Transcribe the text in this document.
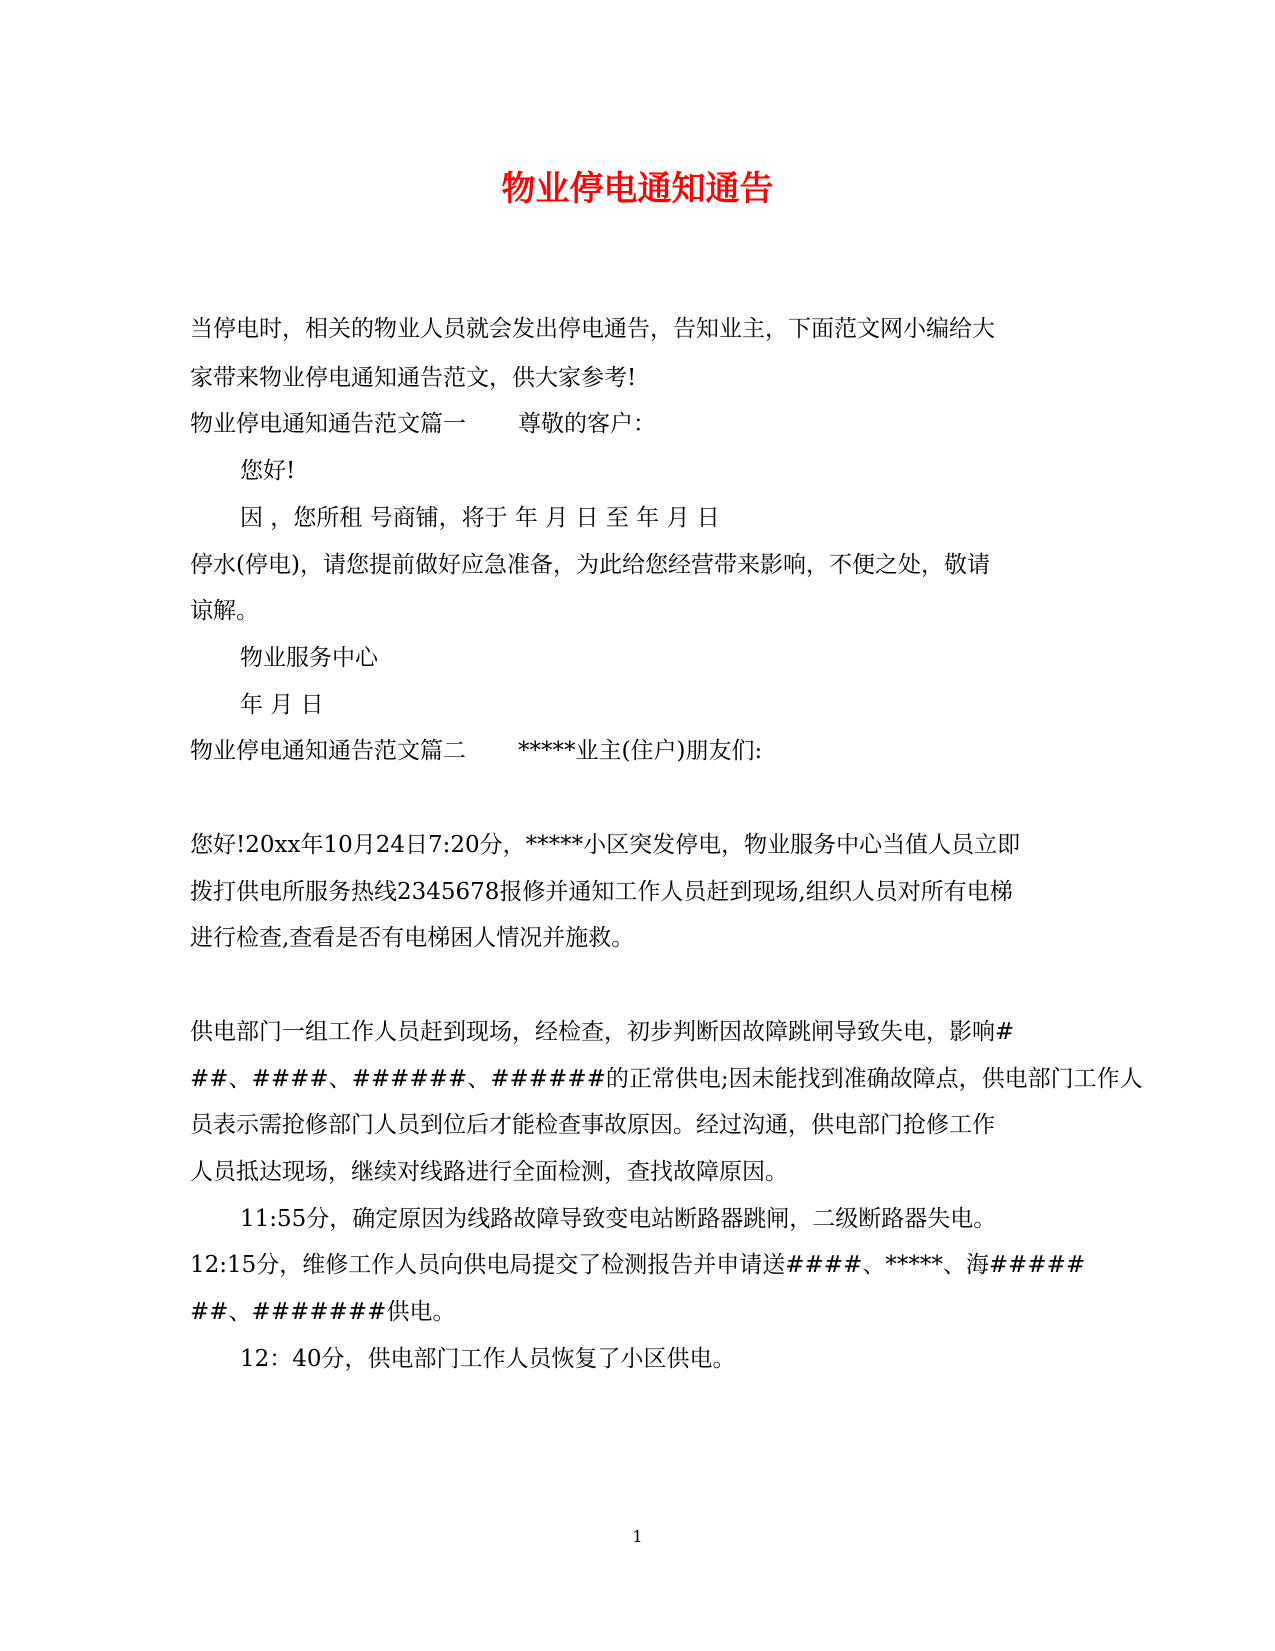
物业停电通知通告
当停电时，相关的物业人员就会发出停电通告，告知业主，下面范文网小编给大
家带来物业停电通知通告范文，供大家参考!
物业停电通知通告范文篇一 尊敬的客户：
您好!
因 ，您所租 号商铺，将于 年 月 日 至 年 月 日
停水(停电)，请您提前做好应急准备，为此给您经营带来影响，不便之处，敬请
谅解。
物业服务中心
年 月 日
物业停电通知通告范文篇二 *****业主(住户)朋友们:
您好!20xx年10月24日7:20分，*****小区突发停电，物业服务中心当值人员立即
拨打供电所服务热线2345678报修并通知工作人员赶到现场,组织人员对所有电梯
进行检查,查看是否有电梯困人情况并施救。
供电部门一组工作人员赶到现场，经检查，初步判断因故障跳闸导致失电，影响#
##、####、######、######的正常供电;因未能找到准确故障点，供电部门工作人
员表示需抢修部门人员到位后才能检查事故原因。经过沟通，供电部门抢修工作
人员抵达现场，继续对线路进行全面检测，查找故障原因。
11:55分，确定原因为线路故障导致变电站断路器跳闸，二级断路器失电。
12:15分，维修工作人员向供电局提交了检测报告并申请送####、*****、海#####
##、#######供电。
12：40分，供电部门工作人员恢复了小区供电。
1
